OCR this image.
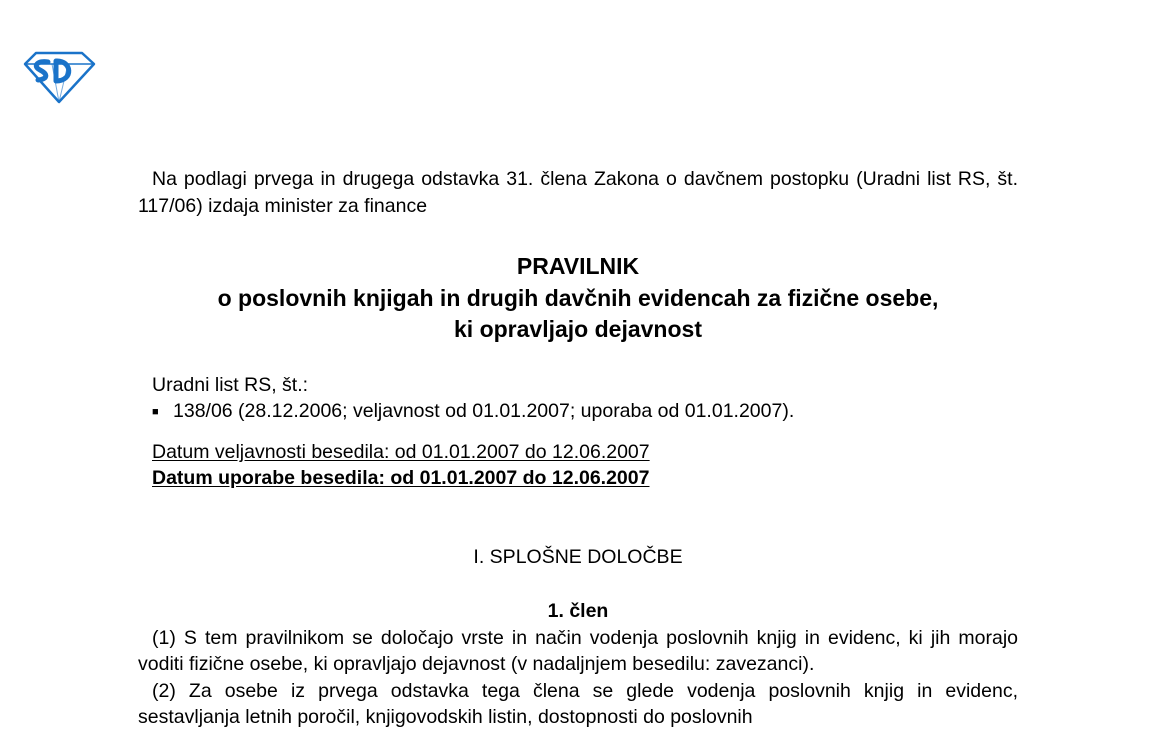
Na podlagi prvega in drugega odstavka 31. člena Zakona o davčnem postopku (Uradni list RS, št. 117/06) izdaja minister za finance

PRAVILNIK
o poslovnih knjigah in drugih davčnih evidencah za fizične osebe,
ki opravljajo dejavnost

Uradni list RS, št.:

■ 138/06 (28.12.2006; veljavnost od 01.01.2007; uporaba od 01.01.2007).

Datum veljavnosti besedila: od 01.01.2007 do 12.06.2007

Datum uporabe besedila: od 01.01.2007 do 12.06.2007

I. SPLOŠNE DOLOČBE

1. člen

(1) S tem pravilnikom se določajo vrste in način vodenja poslovnih knjig in evidenc, ki jih morajo voditi fizične osebe, ki opravljajo dejavnost (v nadaljnjem besedilu: zavezanci).

(2) Za osebe iz prvega odstavka tega člena se glede vodenja poslovnih knjig in evidenc, sestavljanja letnih poročil, knjigovodskih listin, dostopnosti do poslovnih
